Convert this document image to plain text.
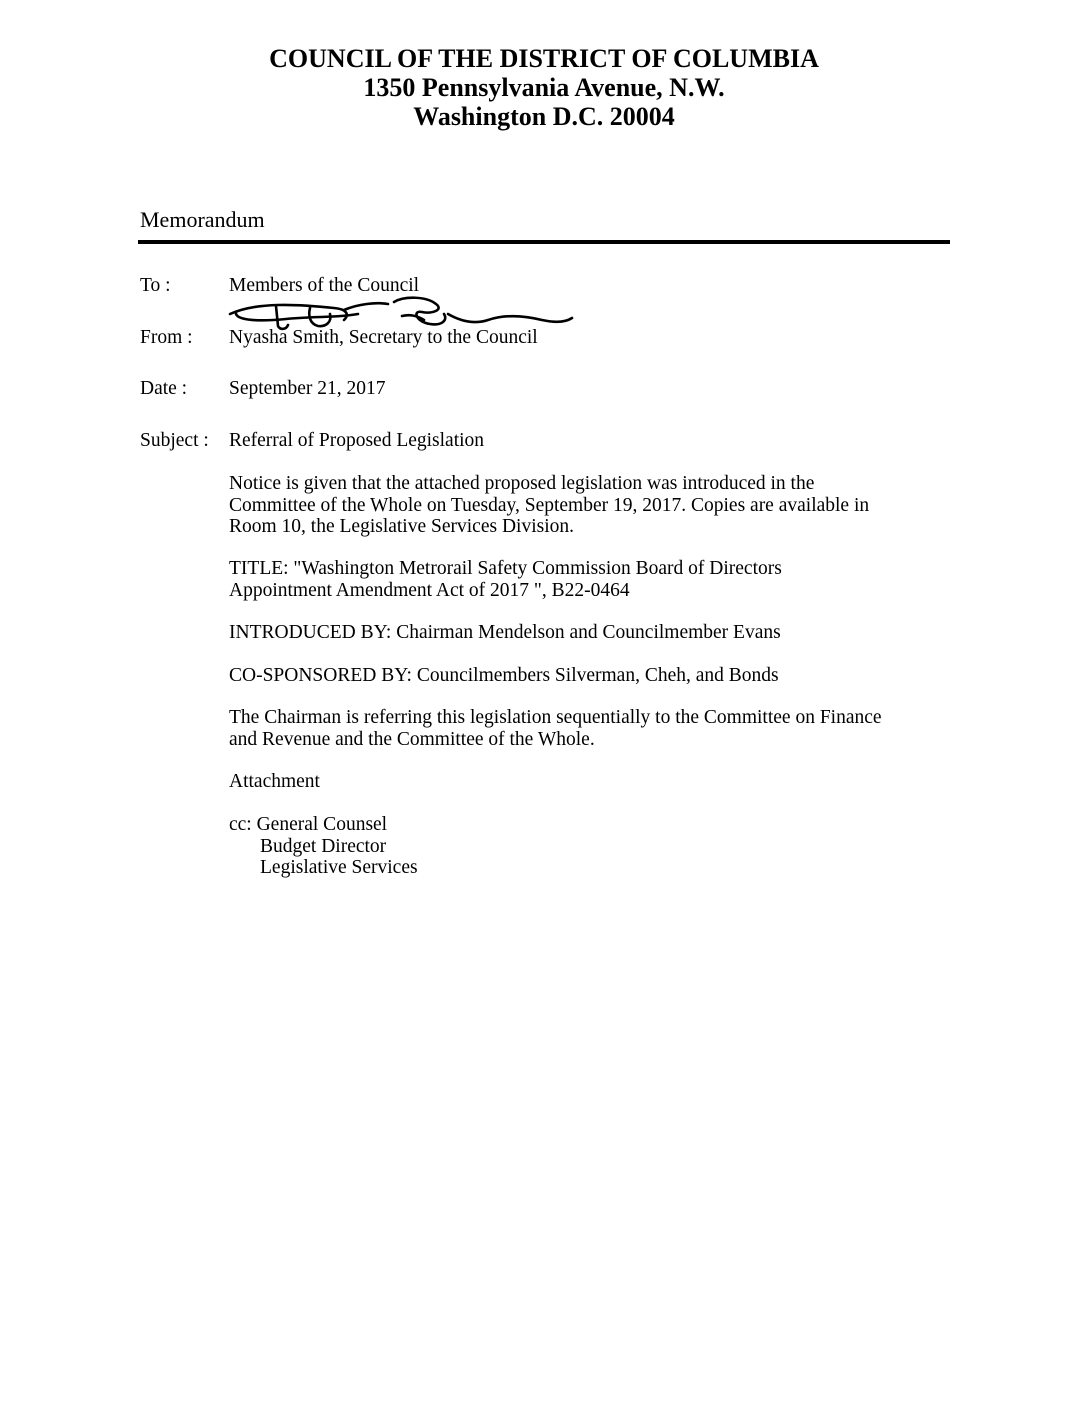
COUNCIL OF THE DISTRICT OF COLUMBIA
1350 Pennsylvania Avenue, N.W.
Washington D.C. 20004
Memorandum
To :	Members of the Council
From : Nyasha Smith, Secretary to the Council
Date : September 21, 2017
Subject : Referral of Proposed Legislation
Notice is given that the attached proposed legislation was introduced in the
Committee of the Whole on Tuesday, September 19, 2017. Copies are available in
Room 10, the Legislative Services Division.
TITLE: "Washington Metrorail Safety Commission Board of Directors
Appointment Amendment Act of 2017 ", B22-0464
INTRODUCED BY: Chairman Mendelson and Councilmember Evans
CO-SPONSORED BY: Councilmembers Silverman, Cheh, and Bonds
The Chairman is referring this legislation sequentially to the Committee on Finance
and Revenue and the Committee of the Whole.
Attachment
cc: General Counsel
Budget Director
Legislative Services
